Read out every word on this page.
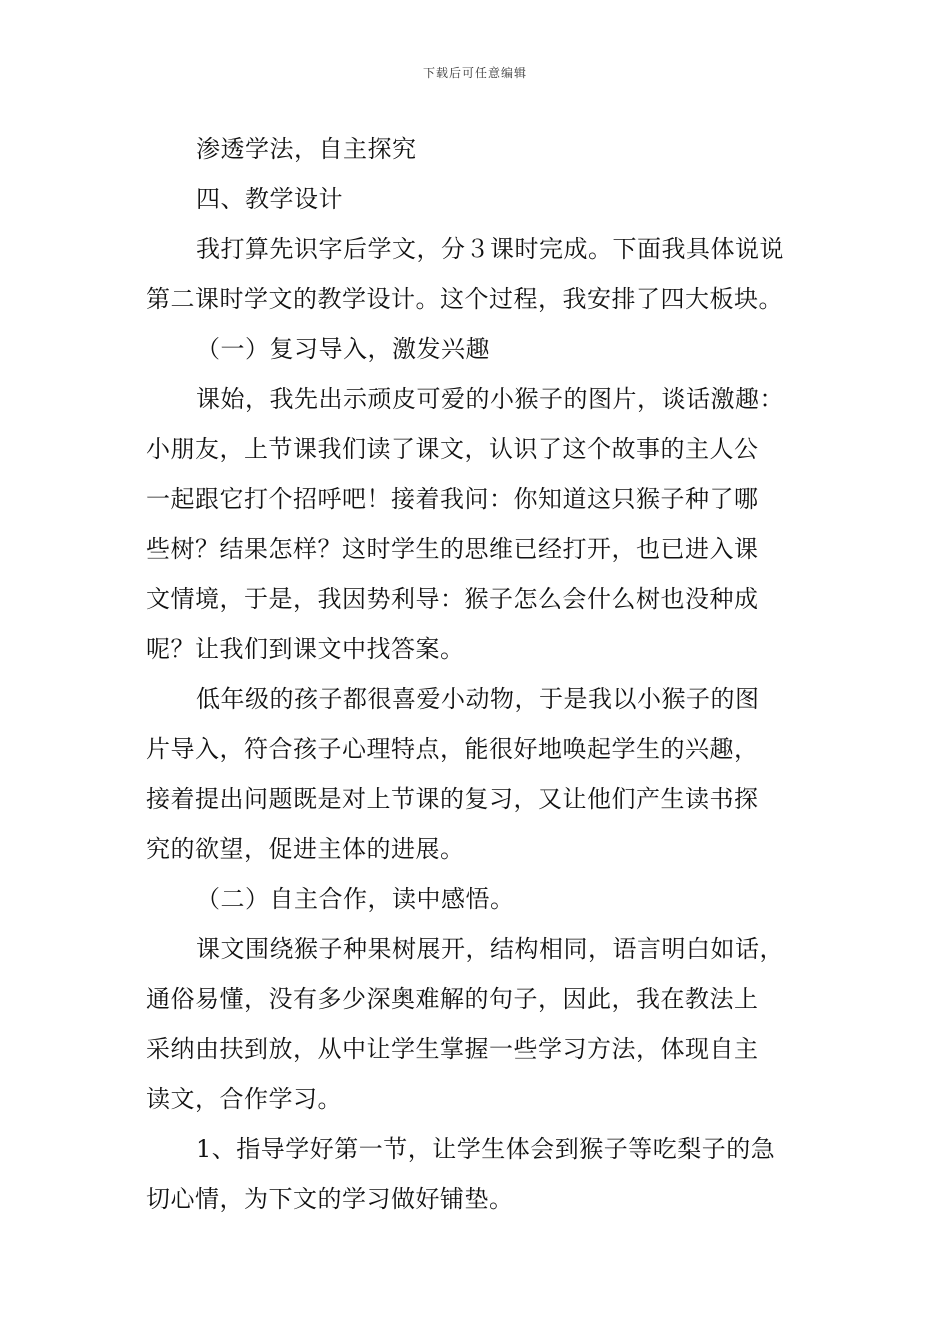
下载后可任意编辑
渗透学法，自主探究
四、教学设计
我打算先识字后学文，分３课时完成。下面我具体说说
第二课时学文的教学设计。这个过程，我安排了四大板块。
（一）复习导入，激发兴趣
课始，我先出示顽皮可爱的小猴子的图片，谈话激趣：
小朋友，上节课我们读了课文，认识了这个故事的主人公
一起跟它打个招呼吧！接着我问：你知道这只猴子种了哪
些树？结果怎样？这时学生的思维已经打开，也已进入课
文情境，于是，我因势利导：猴子怎么会什么树也没种成
呢？让我们到课文中找答案。
低年级的孩子都很喜爱小动物，于是我以小猴子的图
片导入，符合孩子心理特点，能很好地唤起学生的兴趣，
接着提出问题既是对上节课的复习，又让他们产生读书探
究的欲望，促进主体的进展。
（二）自主合作，读中感悟。
课文围绕猴子种果树展开，结构相同，语言明白如话，
通俗易懂，没有多少深奥难解的句子，因此，我在教法上
采纳由扶到放，从中让学生掌握一些学习方法，体现自主
读文，合作学习。
1、指导学好第一节，让学生体会到猴子等吃梨子的急
切心情，为下文的学习做好铺垫。
